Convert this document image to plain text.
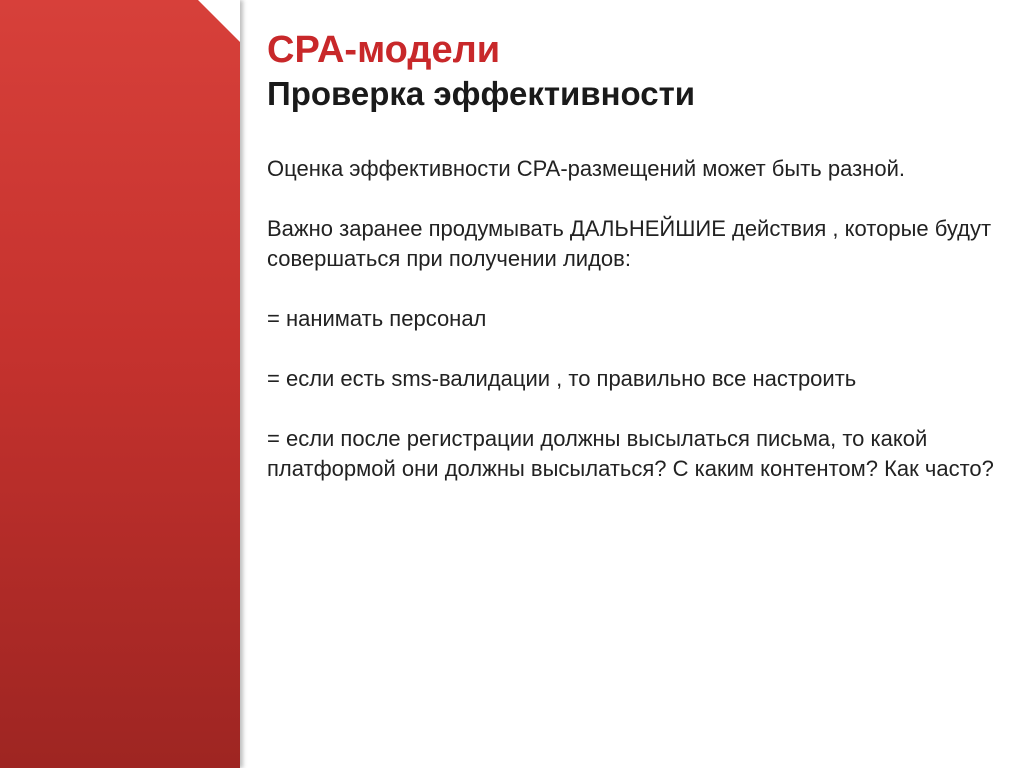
CPA-модели
Проверка эффективности

Оценка эффективности CPA-размещений может быть разной.

Важно заранее продумывать ДАЛЬНЕЙШИЕ действия , которые будут совершаться при получении лидов:

= нанимать персонал

= если есть sms-валидации , то правильно все настроить

= если после регистрации должны высылаться письма, то какой платформой они должны высылаться? С каким контентом? Как часто?
